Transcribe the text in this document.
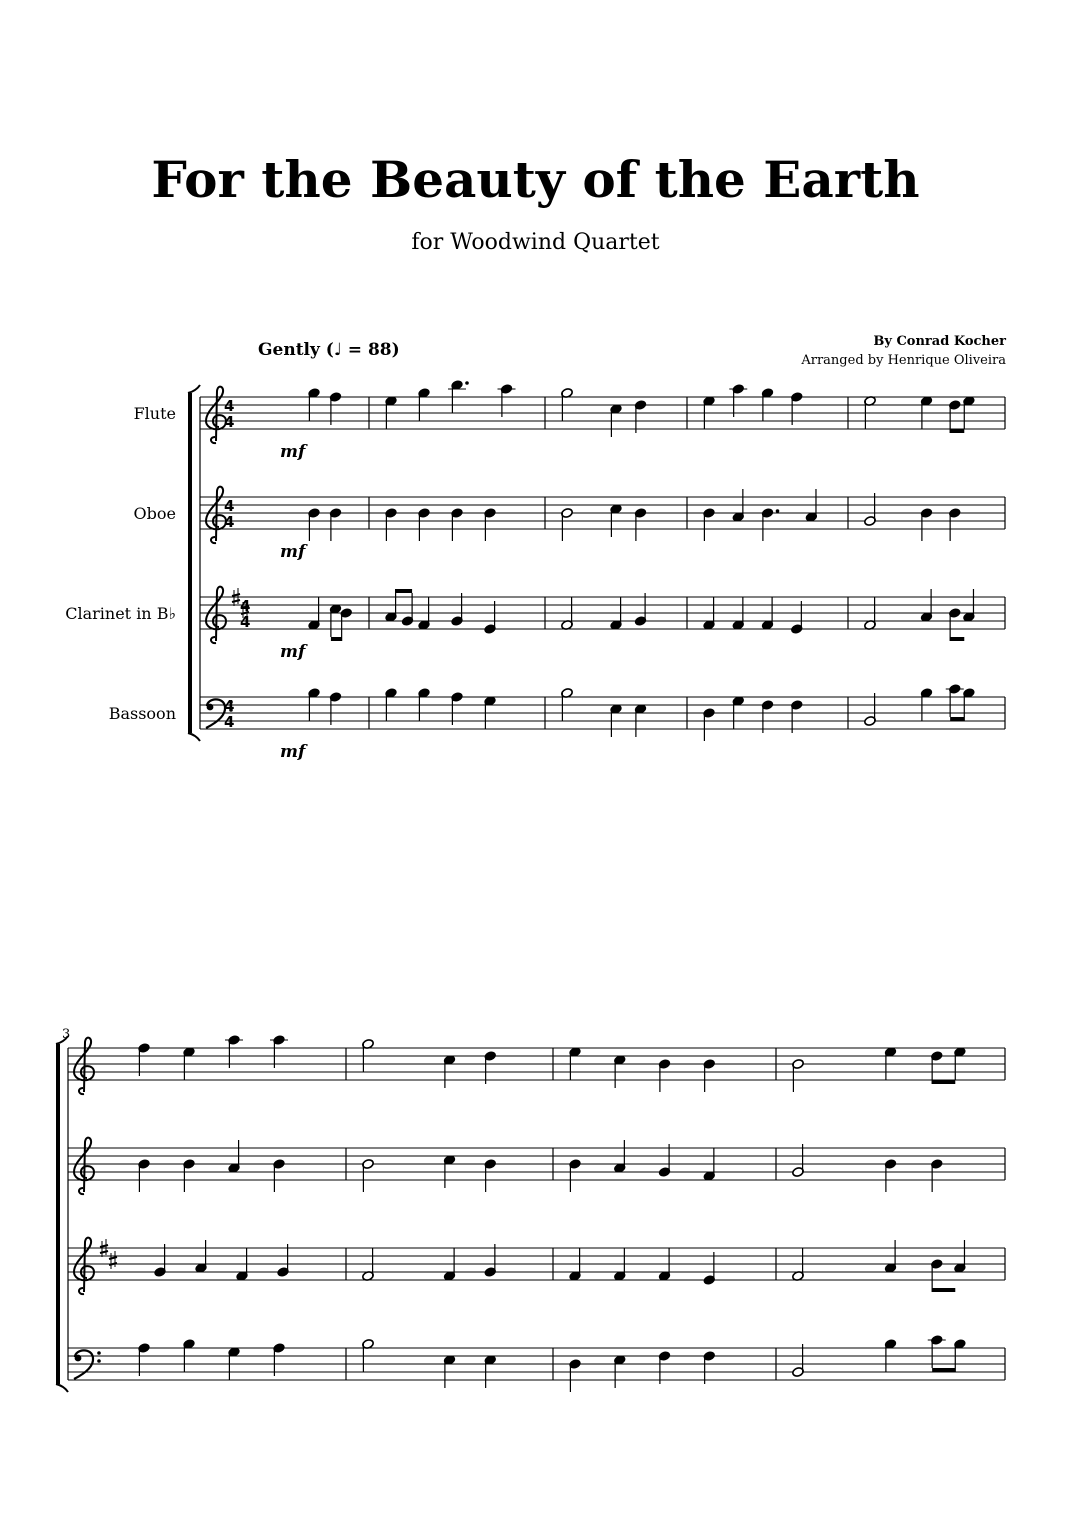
For the Beauty of the Earth
for Woodwind Quartet
By Conrad Kocher
Arranged by Henrique Oliveira
Gently (♩ = 88)
4
4
Flute
mf
4
4
Oboe
mf
4
4
Clarinet in B♭
mf
4
4
Bassoon
mf
3
